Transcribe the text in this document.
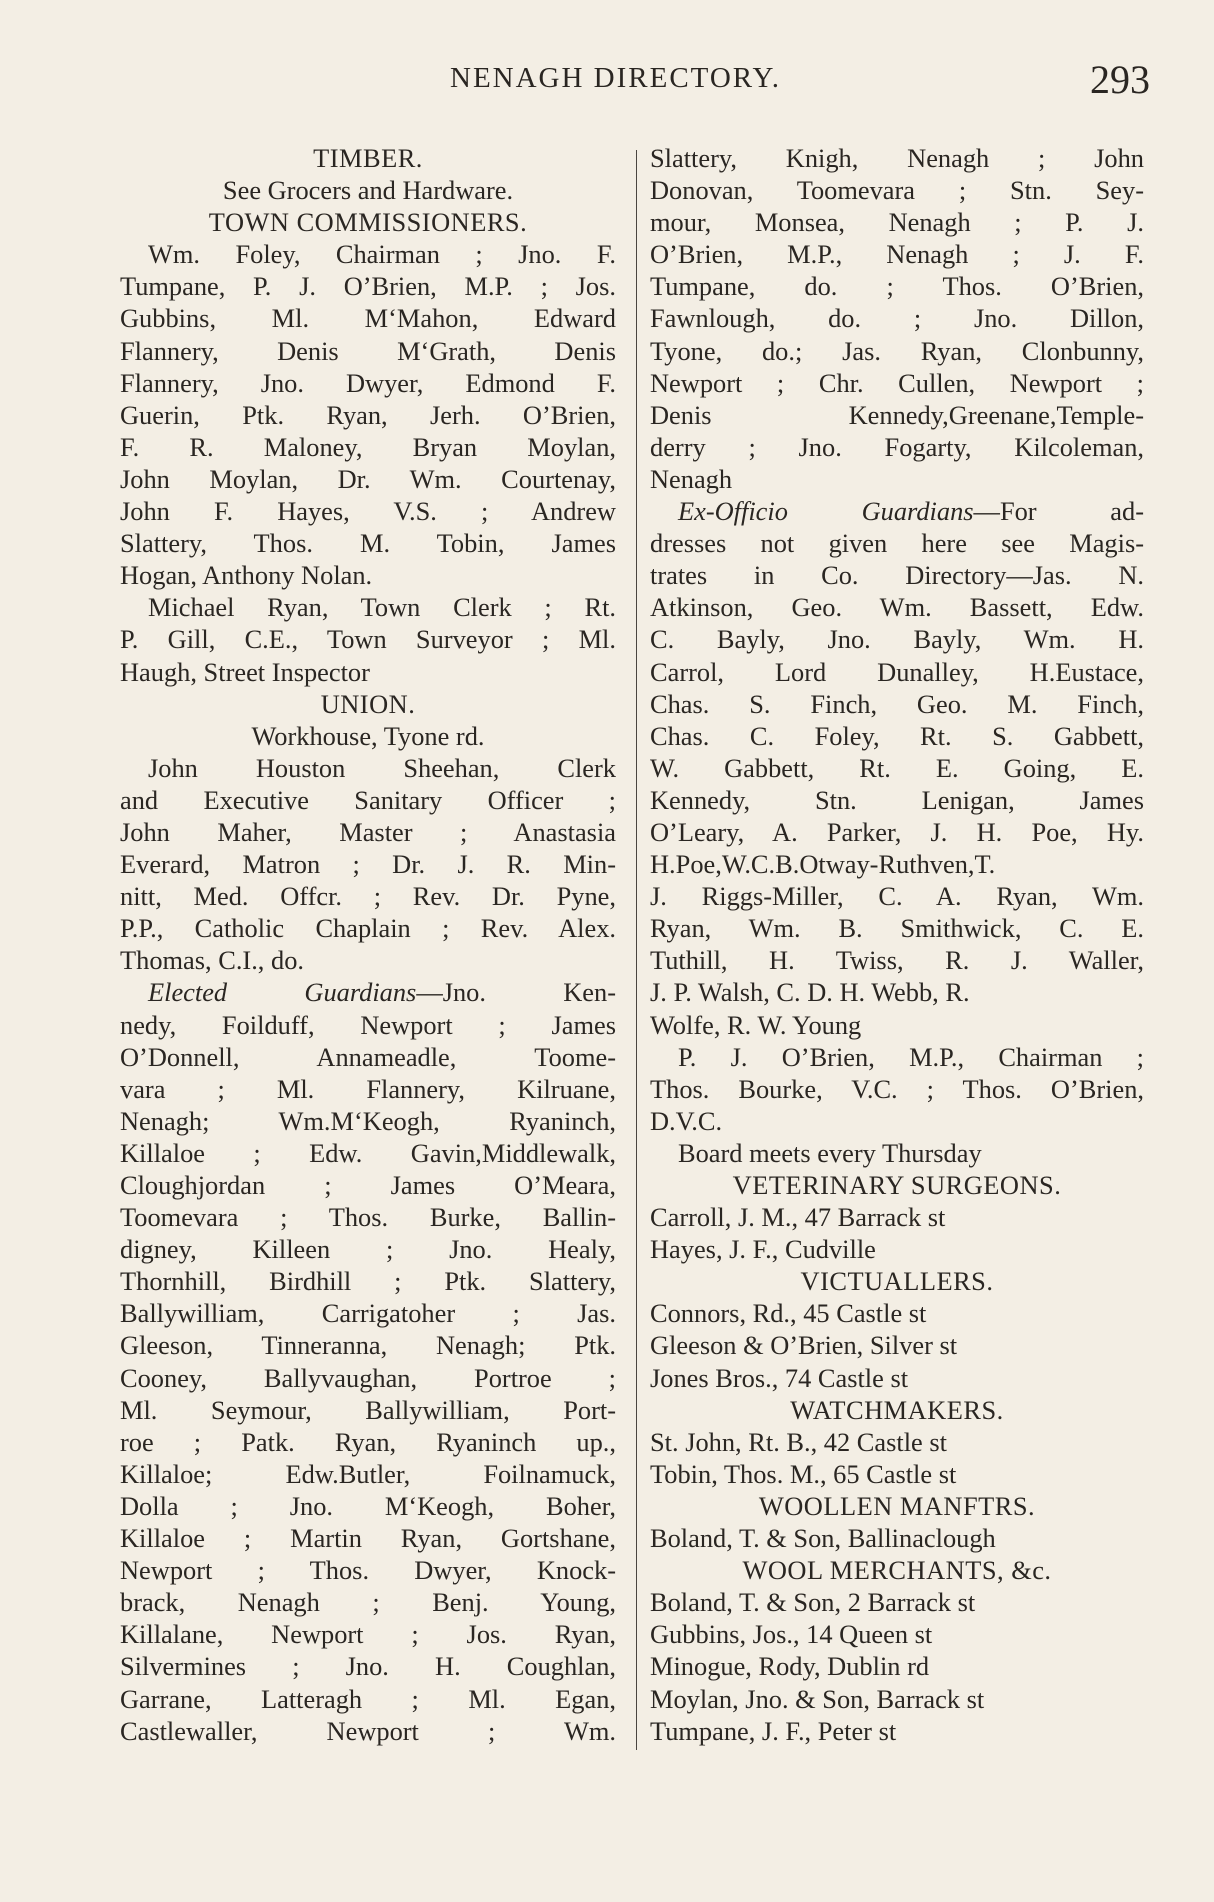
NENAGH DIRECTORY.	293

TIMBER.

See Grocers and Hardware.

TOWN COMMISSIONERS.

Wm. Foley, Chairman ; Jno. F.

Tumpane, P. J. O’Brien, M.P. ; Jos.

Gubbins, Ml. M‘Mahon, Edward

Flannery, Denis M‘Grath, Denis

Flannery, Jno. Dwyer, Edmond F.

Guerin, Ptk. Ryan, Jerh. O’Brien,

F. R. Maloney, Bryan Moylan,

John Moylan, Dr. Wm. Courtenay,

John F. Hayes, V.S. ; Andrew

Slattery, Thos. M. Tobin, James

Hogan, Anthony Nolan.

Michael Ryan, Town Clerk ; Rt.

P. Gill, C.E., Town Surveyor ; Ml.

Haugh, Street Inspector

UNION.

Workhouse, Tyone rd.

John Houston Sheehan, Clerk

and Executive Sanitary Officer ;

John Maher, Master ; Anastasia

Everard, Matron ; Dr. J. R. Min-

nitt, Med. Offcr. ; Rev. Dr. Pyne,

P.P., Catholic Chaplain ; Rev. Alex.

Thomas, C.I., do.

Elected Guardians—Jno. Ken-

nedy, Foilduff, Newport ; James

O’Donnell, Annameadle, Toome-

vara ; Ml. Flannery, Kilruane,

Nenagh; Wm.M‘Keogh, Ryaninch,

Killaloe ; Edw. Gavin,Middlewalk,

Cloughjordan ; James O’Meara,

Toomevara ; Thos. Burke, Ballin-

digney, Killeen ; Jno. Healy,

Thornhill, Birdhill ; Ptk. Slattery,

Ballywilliam, Carrigatoher ; Jas.

Gleeson, Tinneranna, Nenagh; Ptk.

Cooney, Ballyvaughan, Portroe ;

Ml. Seymour, Ballywilliam, Port-

roe ; Patk. Ryan, Ryaninch up.,

Killaloe; Edw.Butler, Foilnamuck,

Dolla ; Jno. M‘Keogh, Boher,

Killaloe ; Martin Ryan, Gortshane,

Newport ; Thos. Dwyer, Knock-

brack, Nenagh ; Benj. Young,

Killalane, Newport ; Jos. Ryan,

Silvermines ; Jno. H. Coughlan,

Garrane, Latteragh ; Ml. Egan,

Castlewaller, Newport ; Wm.

Slattery, Knigh, Nenagh ; John

Donovan, Toomevara ; Stn. Sey-

mour, Monsea, Nenagh ; P. J.

O’Brien, M.P., Nenagh ; J. F.

Tumpane, do. ; Thos. O’Brien,

Fawnlough, do. ; Jno. Dillon,

Tyone, do.; Jas. Ryan, Clonbunny,

Newport ; Chr. Cullen, Newport ;

Denis Kennedy,Greenane,Temple-

derry ; Jno. Fogarty, Kilcoleman,

Nenagh

Ex-Officio Guardians—For ad-

dresses not given here see Magis-

trates in Co. Directory—Jas. N.

Atkinson, Geo. Wm. Bassett, Edw.

C. Bayly, Jno. Bayly, Wm. H.

Carrol, Lord Dunalley, H.Eustace,

Chas. S. Finch, Geo. M. Finch,

Chas. C. Foley, Rt. S. Gabbett,

W. Gabbett, Rt. E. Going, E.

Kennedy, Stn. Lenigan, James

O’Leary, A. Parker, J. H. Poe, Hy.

H.Poe,W.C.B.Otway-Ruthven,T.

J. Riggs-Miller, C. A. Ryan, Wm.

Ryan, Wm. B. Smithwick, C. E.

Tuthill, H. Twiss, R. J. Waller,

J. P. Walsh, C. D. H. Webb, R.

Wolfe, R. W. Young

P. J. O’Brien, M.P., Chairman ;

Thos. Bourke, V.C. ; Thos. O’Brien,

D.V.C.

Board meets every Thursday

VETERINARY SURGEONS.

Carroll, J. M., 47 Barrack st

Hayes, J. F., Cudville

VICTUALLERS.

Connors, Rd., 45 Castle st

Gleeson & O’Brien, Silver st

Jones Bros., 74 Castle st

WATCHMAKERS.

St. John, Rt. B., 42 Castle st

Tobin, Thos. M., 65 Castle st

WOOLLEN MANFTRS.

Boland, T. & Son, Ballinaclough

WOOL MERCHANTS, &c.

Boland, T. & Son, 2 Barrack st

Gubbins, Jos., 14 Queen st

Minogue, Rody, Dublin rd

Moylan, Jno. & Son, Barrack st

Tumpane, J. F., Peter st
